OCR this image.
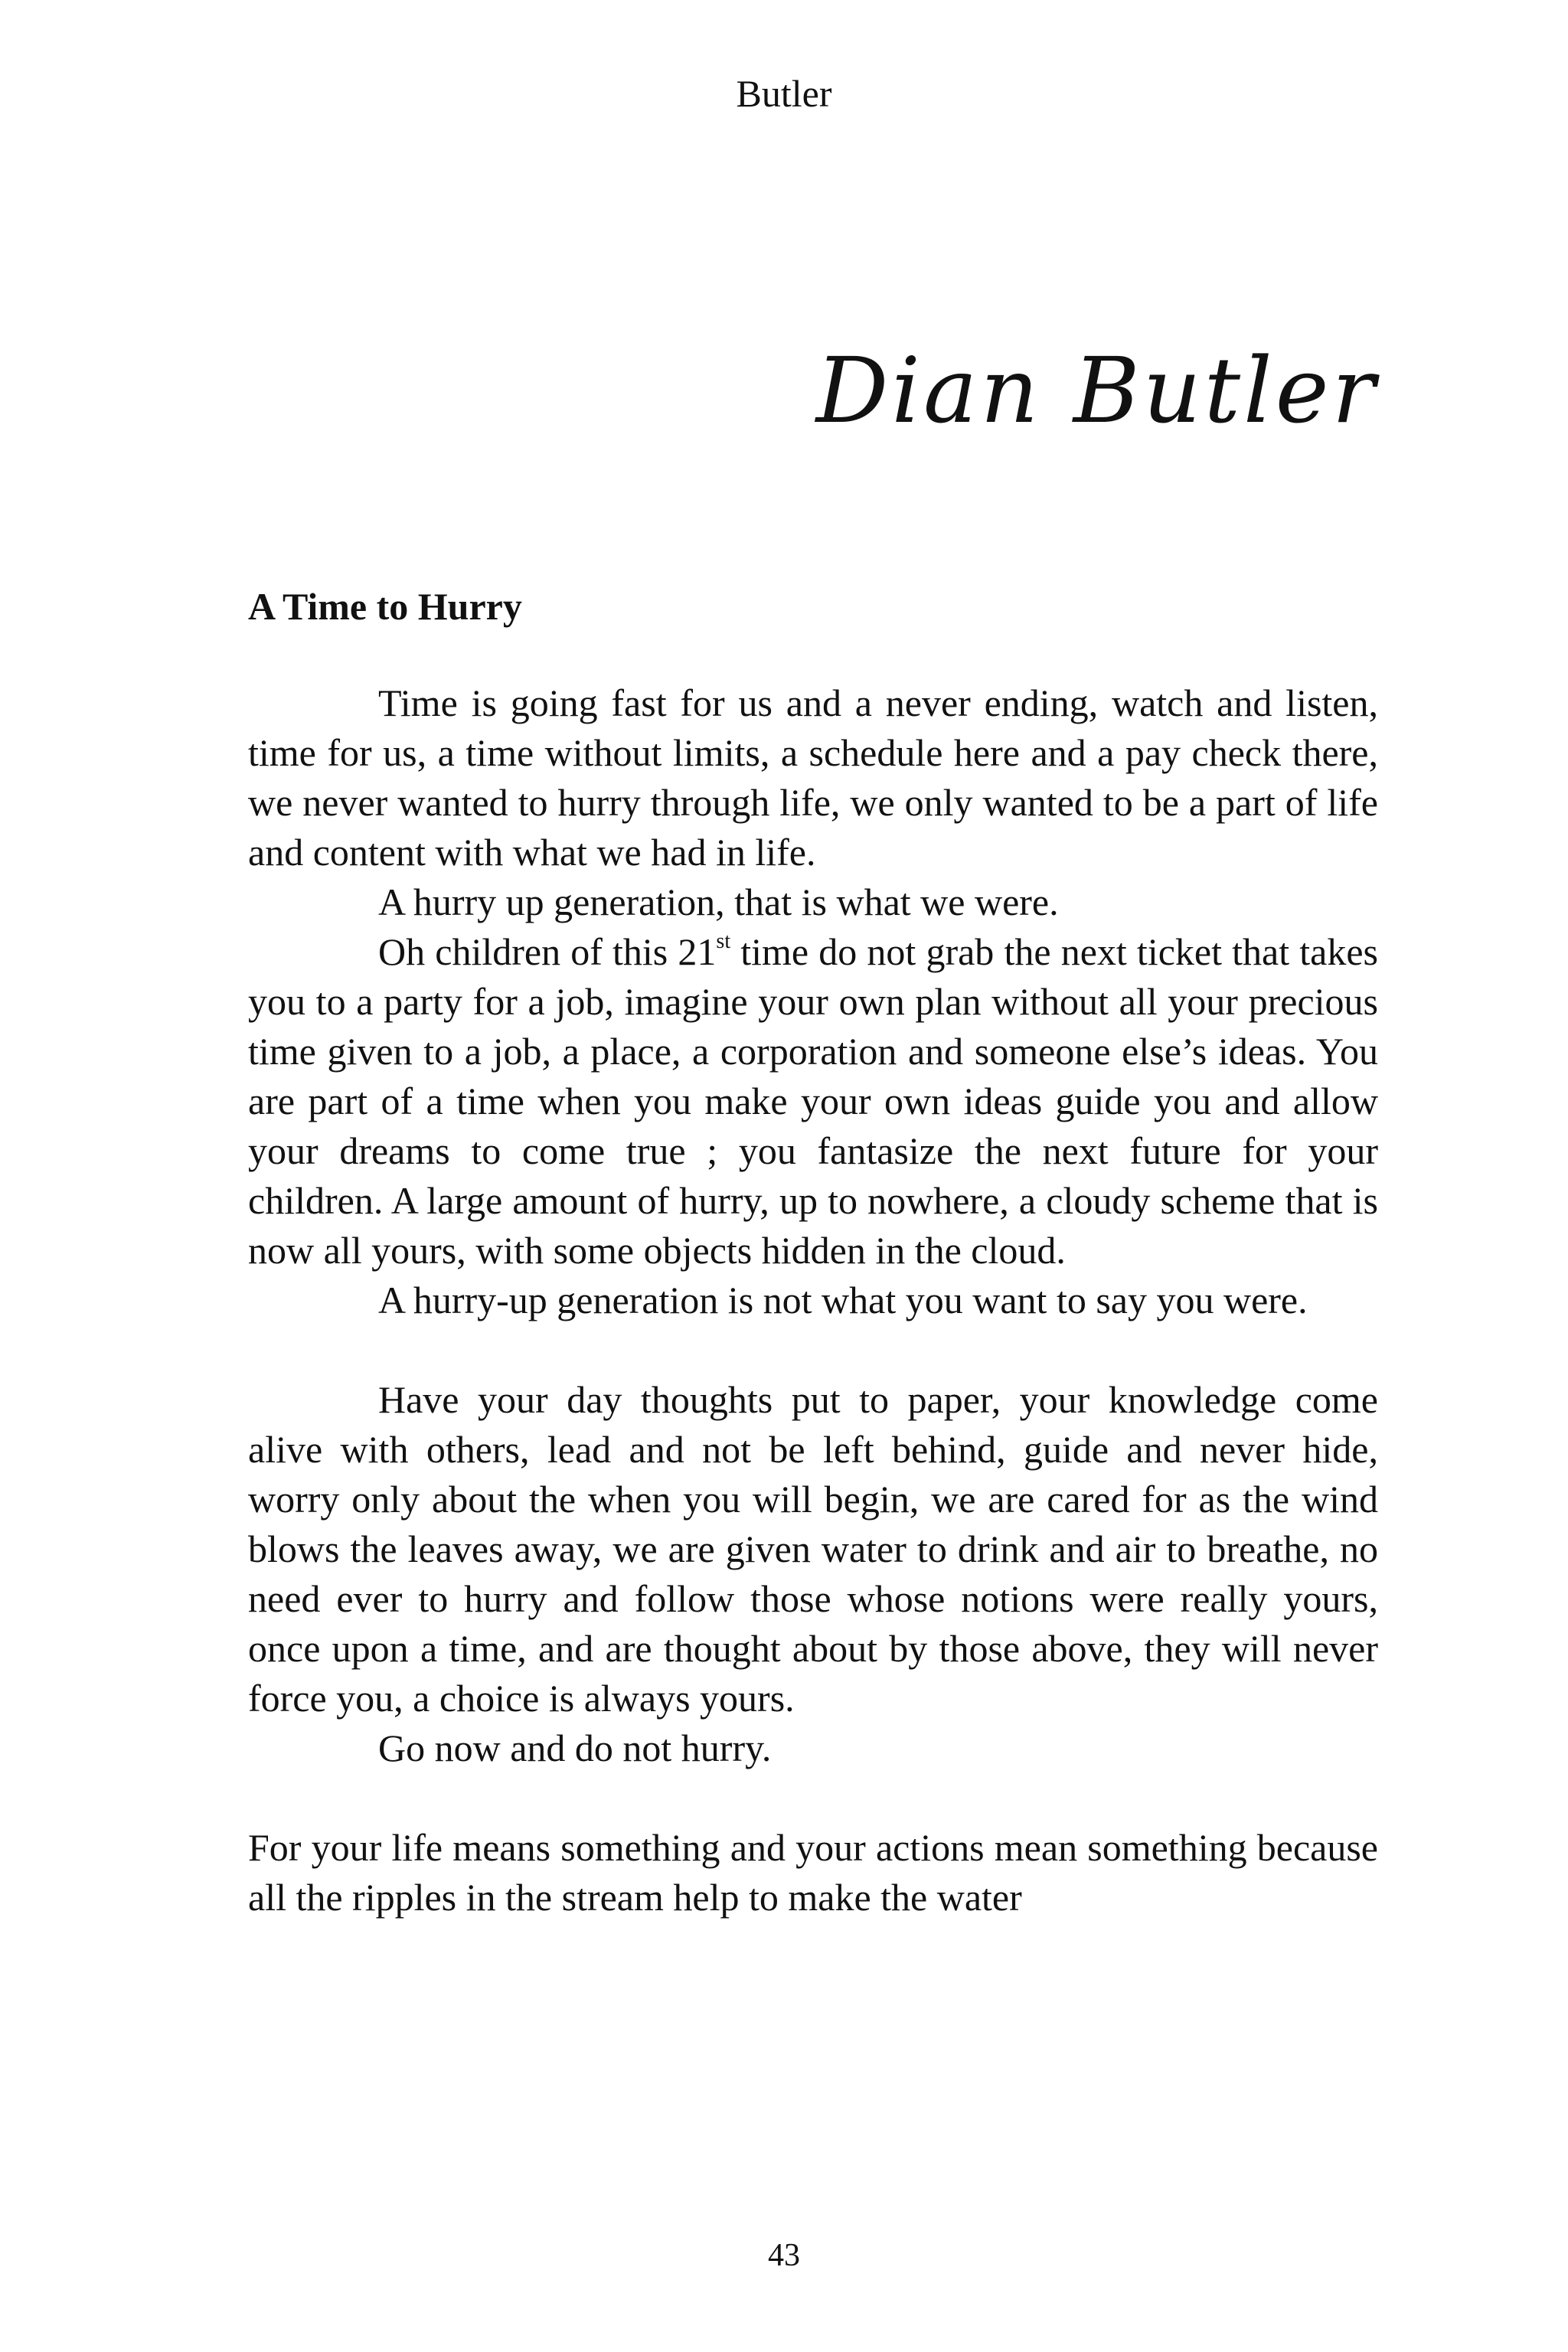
Butler
Dian Butler
A Time to Hurry

Time is going fast for us and a never ending, watch and listen, time for us, a time without limits, a schedule here and a pay check there, we never wanted to hurry through life, we only wanted to be a part of life and content with what we had in life.

A hurry up generation, that is what we were.

Oh children of this 21st time do not grab the next ticket that takes you to a party for a job, imagine your own plan without all your precious time given to a job, a place, a corporation and someone else’s ideas. You are part of a time when you make your own ideas guide you and allow your dreams to come true ; you fantasize the next future for your children. A large amount of hurry, up to nowhere, a cloudy scheme that is now all yours, with some objects hidden in the cloud.

A hurry-up generation is not what you want to say you were.

Have your day thoughts put to paper, your knowledge come alive with others, lead and not be left behind, guide and never hide, worry only about the when you will begin, we are cared for as the wind blows the leaves away, we are given water to drink and air to breathe, no need ever to hurry and follow those whose notions were really yours, once upon a time, and are thought about by those above, they will never force you, a choice is always yours.

Go now and do not hurry.

For your life means something and your actions mean something because all the ripples in the stream help to make the water

43
